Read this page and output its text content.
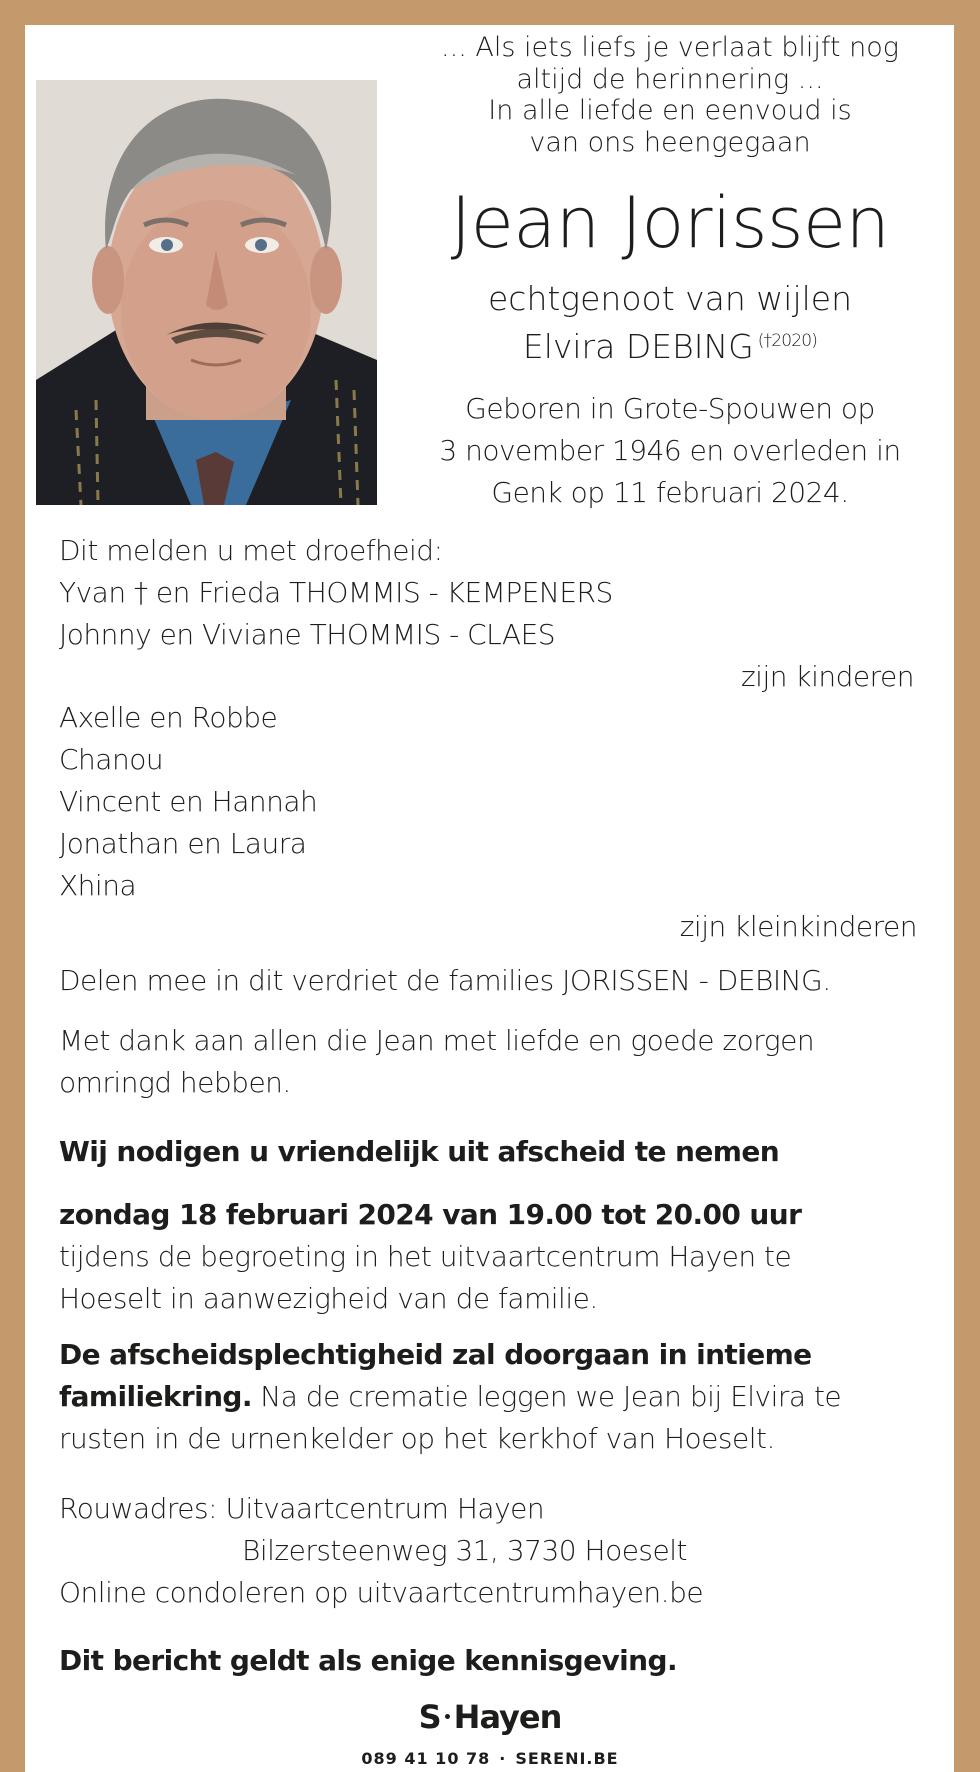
... Als iets liefs je verlaat blijft nog
altijd de herinnering ...
In alle liefde en eenvoud is
van ons heengegaan
Jean Jorissen
echtgenoot van wijlen
Elvira DEBING $^{(\dagger 2020)}$
Geboren in Grote-Spouwen op
3 november 1946 en overleden in
Genk op 11 februari 2024.
Dit melden u met droefheid:
Yvan † en Frieda THOMMIS - KEMPENERS
Johnny en Viviane THOMMIS - CLAES
zijn kinderen
Axelle en Robbe
Chanou
Vincent en Hannah
Jonathan en Laura
Xhina
zijn kleinkinderen
Delen mee in dit verdriet de families JORISSEN - DEBING.
Met dank aan allen die Jean met liefde en goede zorgen
omringd hebben.
Wij nodigen u vriendelijk uit afscheid te nemen
zondag 18 februari 2024 van 19.00 tot 20.00 uur
tijdens de begroeting in het uitvaartcentrum Hayen te
Hoeselt in aanwezigheid van de familie.
De afscheidsplechtigheid zal doorgaan in intieme
familiekring. Na de crematie leggen we Jean bij Elvira te
rusten in de urnenkelder op het kerkhof van Hoeselt.
Rouwadres: Uitvaartcentrum Hayen
Bilzersteenweg 31, 3730 Hoeselt
Online condoleren op uitvaartcentrumhayen.be
Dit bericht geldt als enige kennisgeving.
S Hayen
089 41 10 78 · SERENI.BE
